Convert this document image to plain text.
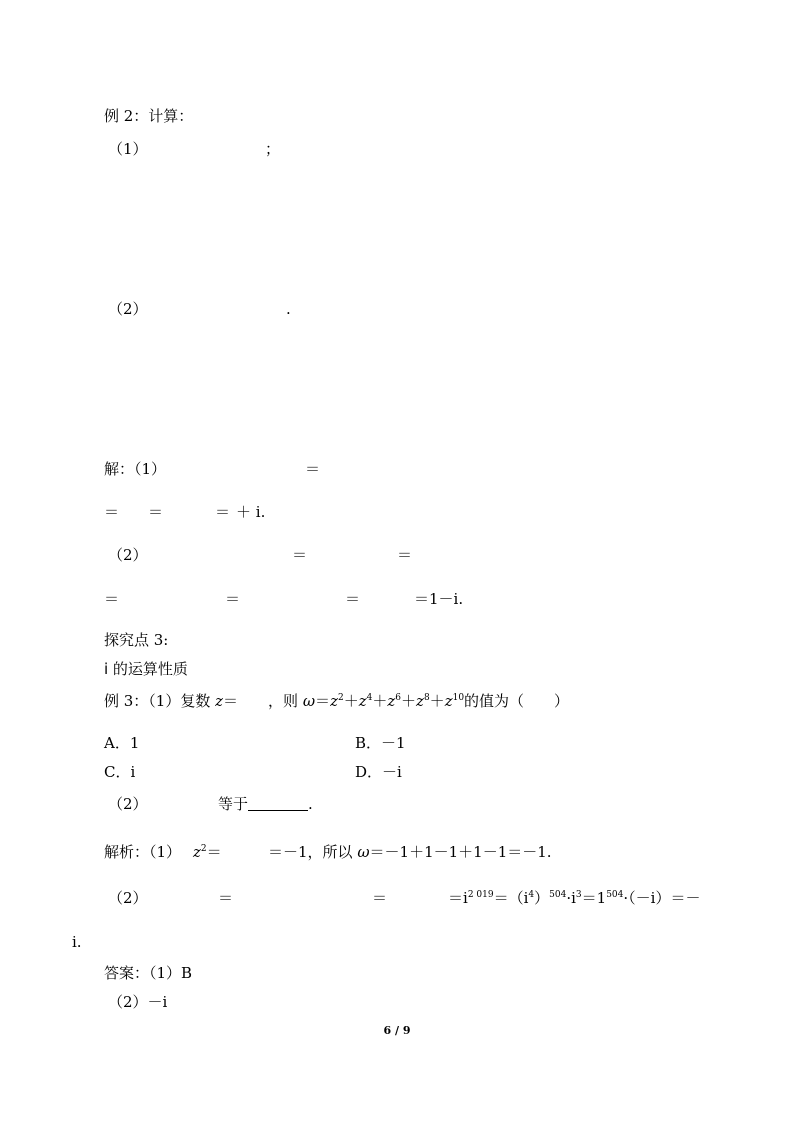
例 2：计算：
（1）	；
（2）	.
解：（1）	＝
＝ ＝	＝ ＋ i.
（2）	＝	＝
＝	＝	＝	＝1－i.
探究点 3:
i 的运算性质
例 3：（1）复数 z＝　　，则 $\omega=z^2+z^4+z^6+z^8+z^{10}$的值为（　　）
A．1	B．－1
C．i	D．－i
（2）	等于	.
解析：（1） $z^2=$	＝－1，所以 ω＝－1＋1－1＋1－1＝－1.
（2）	＝	＝	$=i^{2 019}=(i^4)^{504}\cdot i^3=1^{504}\cdot(-i)=-$
i.
答案：（1）B
（2）－i
6 / 9
